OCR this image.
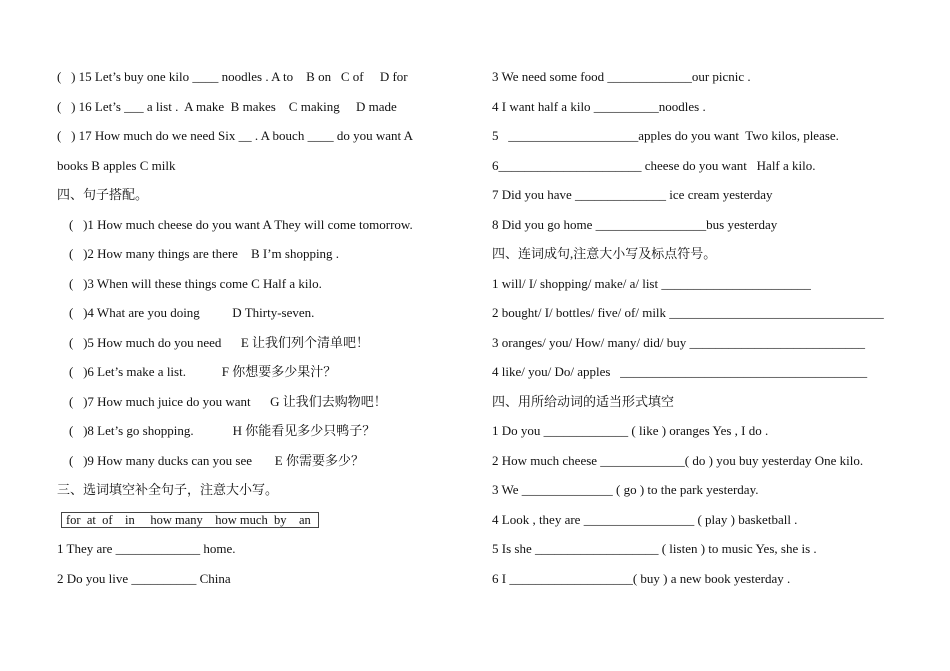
(   ) 15 Let’s buy one kilo ____ noodles . A to    B on   C of     D for
(   ) 16 Let’s ___ a list .  A make  B makes    C making     D made
(   ) 17 How much do we need Six __ . A bouch ____ do you want A
books B apples C milk
四、句子搭配。
(   )1 How much cheese do you want A They will come tomorrow.
(   )2 How many things are there    B I’m shopping .
(   )3 When will these things come C Half a kilo.
(   )4 What are you doing          D Thirty-seven.
(   )5 How much do you need      E 让我们列个清单吧！
(   )6 Let’s make a list.           F 你想要多少果汁？
(   )7 How much juice do you want      G 让我们去购物吧！
(   )8 Let’s go shopping.            H 你能看见多少只鸭子？
(   )9 How many ducks can you see       E 你需要多少？
三、选词填空补全句子，注意大小写。
for  at  of    in     how many    how much  by    an
1 They are _____________ home.
2 Do you live __________ China
3 We need some food _____________our picnic .
4 I want half a kilo __________noodles .
5   ____________________apples do you want  Two kilos, please.
6______________________ cheese do you want   Half a kilo.
7 Did you have ______________ ice cream yesterday
8 Did you go home _________________bus yesterday
四、连词成句,注意大小写及标点符号。
1 will/ I/ shopping/ make/ a/ list _______________________
2 bought/ I/ bottles/ five/ of/ milk _________________________________
3 oranges/ you/ How/ many/ did/ buy ___________________________
4 like/ you/ Do/ apples   ______________________________________
四、用所给动词的适当形式填空
1 Do you _____________ ( like ) oranges Yes , I do .
2 How much cheese _____________( do ) you buy yesterday One kilo.
3 We ______________ ( go ) to the park yesterday.
4 Look , they are _________________ ( play ) basketball .
5 Is she ___________________ ( listen ) to music Yes, she is .
6 I ___________________( buy ) a new book yesterday .
